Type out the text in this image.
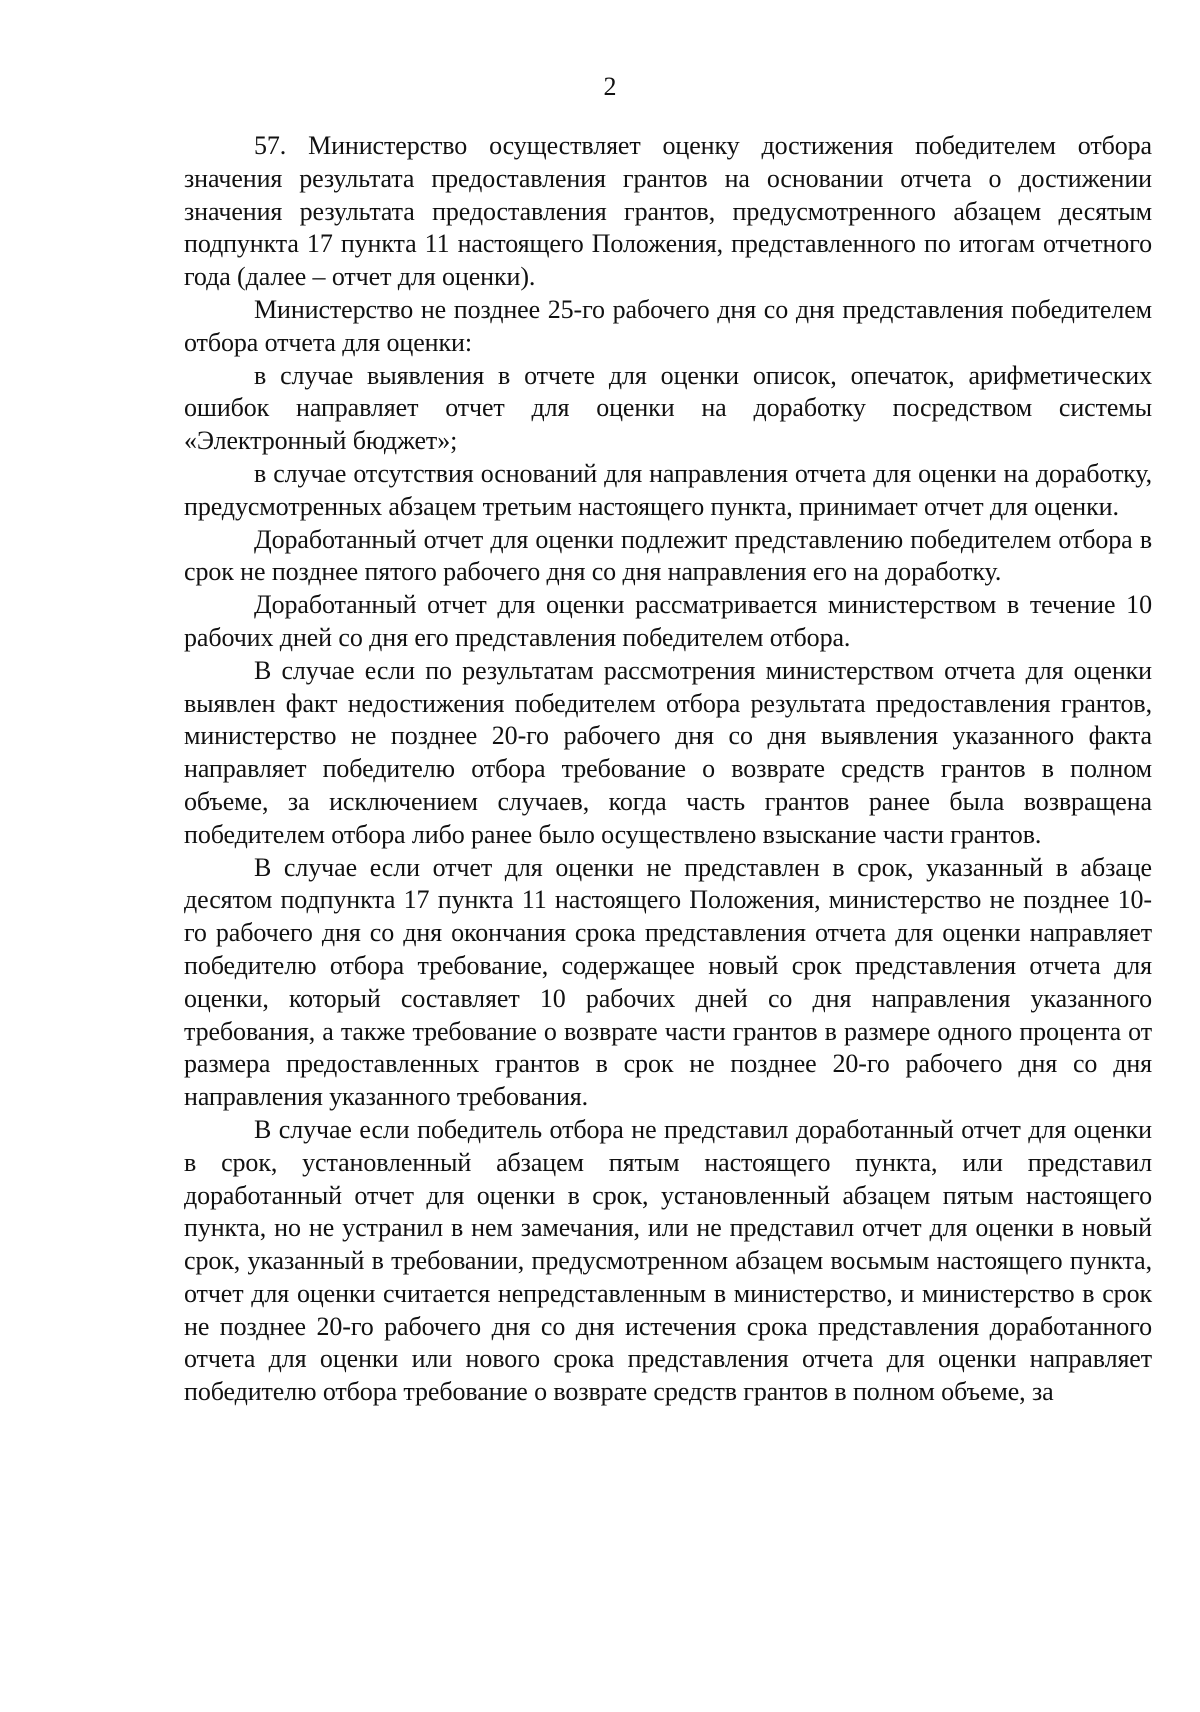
2

57. Министерство осуществляет оценку достижения победителем отбора значения результата предоставления грантов на основании отчета о достижении значения результата предоставления грантов, предусмотренного абзацем десятым подпункта 17 пункта 11 настоящего Положения, представленного по итогам отчетного года (далее – отчет для оценки).

Министерство не позднее 25-го рабочего дня со дня представления победителем отбора отчета для оценки:

в случае выявления в отчете для оценки описок, опечаток, арифметических ошибок направляет отчет для оценки на доработку посредством системы «Электронный бюджет»;

в случае отсутствия оснований для направления отчета для оценки на доработку, предусмотренных абзацем третьим настоящего пункта, принимает отчет для оценки.

Доработанный отчет для оценки подлежит представлению победителем отбора в срок не позднее пятого рабочего дня со дня направления его на доработку.

Доработанный отчет для оценки рассматривается министерством в течение 10 рабочих дней со дня его представления победителем отбора.

В случае если по результатам рассмотрения министерством отчета для оценки выявлен факт недостижения победителем отбора результата предоставления грантов, министерство не позднее 20-го рабочего дня со дня выявления указанного факта направляет победителю отбора требование о возврате средств грантов в полном объеме, за исключением случаев, когда часть грантов ранее была возвращена победителем отбора либо ранее было осуществлено взыскание части грантов.

В случае если отчет для оценки не представлен в срок, указанный в абзаце десятом подпункта 17 пункта 11 настоящего Положения, министерство не позднее 10-го рабочего дня со дня окончания срока представления отчета для оценки направляет победителю отбора требование, содержащее новый срок представления отчета для оценки, который составляет 10 рабочих дней со дня направления указанного требования, а также требование о возврате части грантов в размере одного процента от размера предоставленных грантов в срок не позднее 20-го рабочего дня со дня направления указанного требования.

В случае если победитель отбора не представил доработанный отчет для оценки в срок, установленный абзацем пятым настоящего пункта, или представил доработанный отчет для оценки в срок, установленный абзацем пятым настоящего пункта, но не устранил в нем замечания, или не представил отчет для оценки в новый срок, указанный в требовании, предусмотренном абзацем восьмым настоящего пункта, отчет для оценки считается непредставленным в министерство, и министерство в срок не позднее 20-го рабочего дня со дня истечения срока представления доработанного отчета для оценки или нового срока представления отчета для оценки направляет победителю отбора требование о возврате средств грантов в полном объеме, за
